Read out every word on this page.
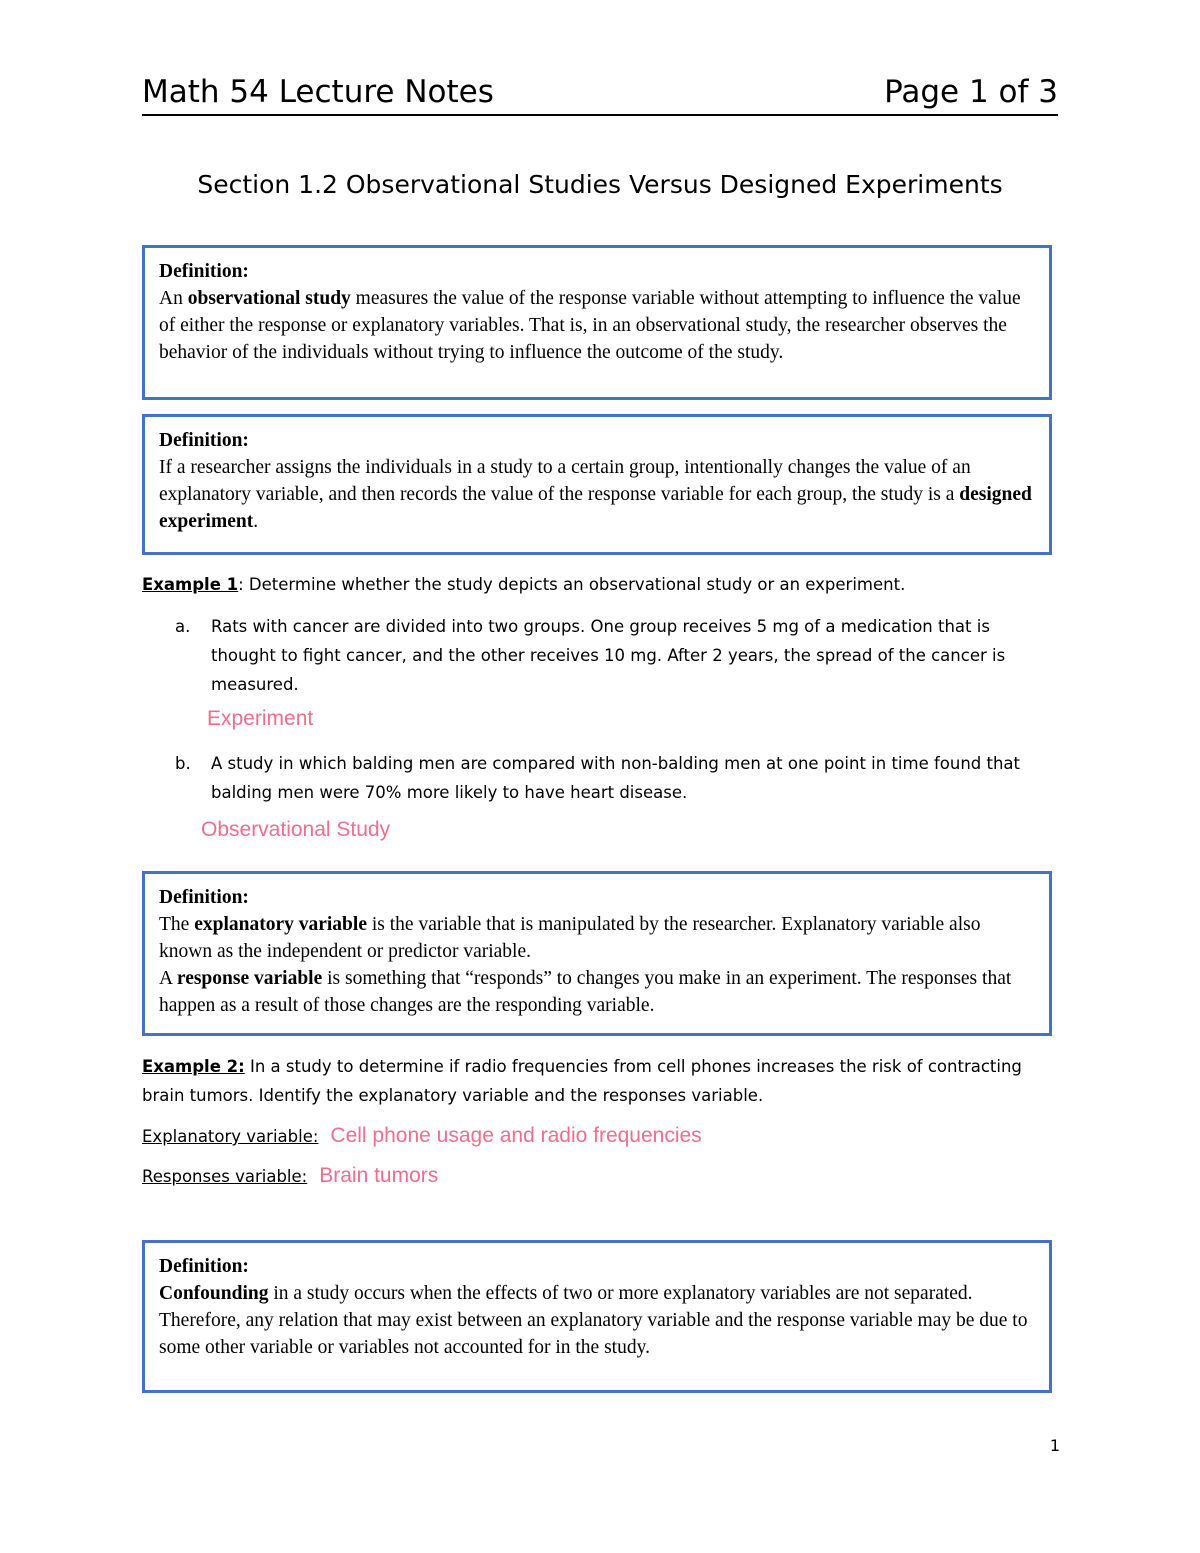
Math 54 Lecture Notes	Page 1 of 3
Section 1.2 Observational Studies Versus Designed Experiments
Definition:
An observational study measures the value of the response variable without attempting to influence the value of either the response or explanatory variables. That is, in an observational study, the researcher observes the behavior of the individuals without trying to influence the outcome of the study.
Definition:
If a researcher assigns the individuals in a study to a certain group, intentionally changes the value of an explanatory variable, and then records the value of the response variable for each group, the study is a designed experiment.
Example 1: Determine whether the study depicts an observational study or an experiment.
a. Rats with cancer are divided into two groups. One group receives 5 mg of a medication that is thought to fight cancer, and the other receives 10 mg. After 2 years, the spread of the cancer is measured.
Experiment
b. A study in which balding men are compared with non-balding men at one point in time found that balding men were 70% more likely to have heart disease.
Observational Study
Definition:
The explanatory variable is the variable that is manipulated by the researcher. Explanatory variable also known as the independent or predictor variable.
A response variable is something that “responds” to changes you make in an experiment. The responses that happen as a result of those changes are the responding variable.
Example 2: In a study to determine if radio frequencies from cell phones increases the risk of contracting brain tumors. Identify the explanatory variable and the responses variable.
Explanatory variable: Cell phone usage and radio frequencies
Responses variable: Brain tumors
Definition:
Confounding in a study occurs when the effects of two or more explanatory variables are not separated. Therefore, any relation that may exist between an explanatory variable and the response variable may be due to some other variable or variables not accounted for in the study.
1
